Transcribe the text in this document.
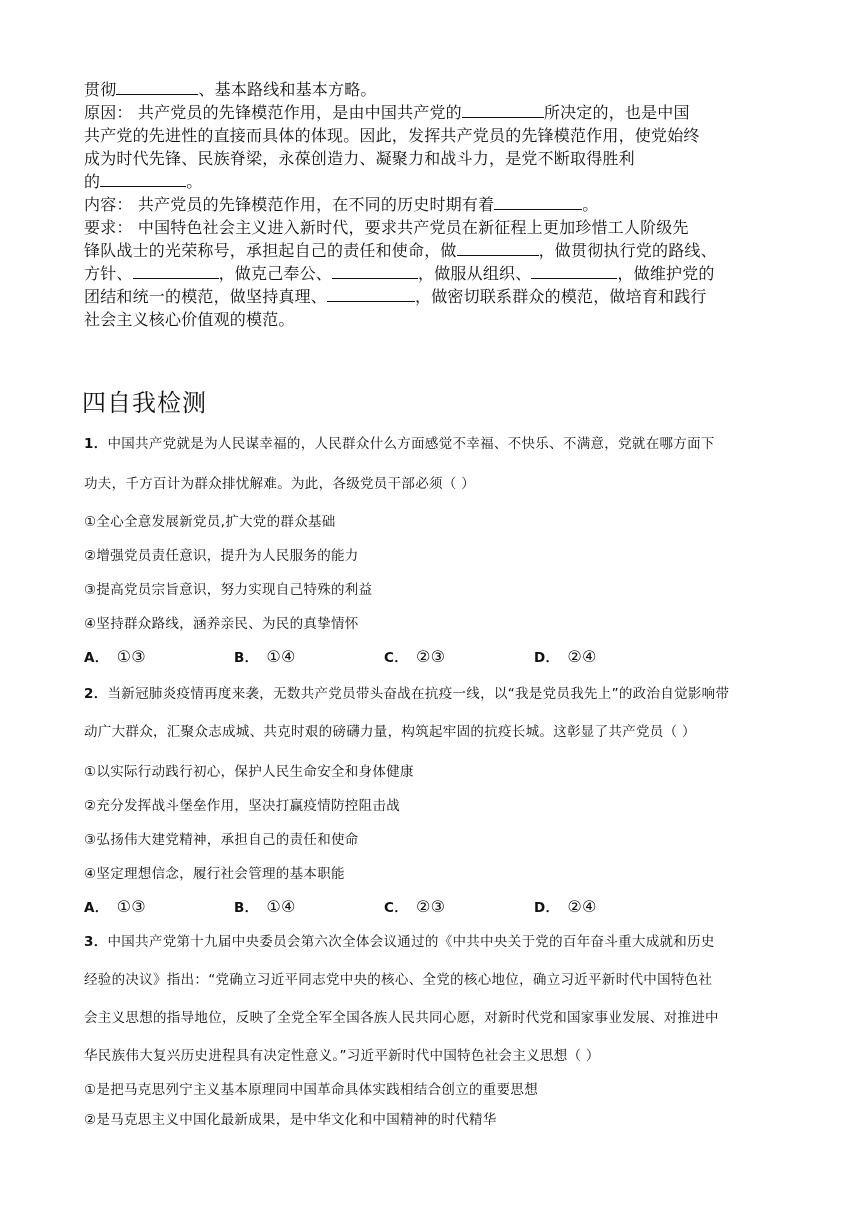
贯彻	、基本路线和基本方略。

原因： 共产党员的先锋模范作用，是由中国共产党的	所决定的，也是中国

共产党的先进性的直接而具体的体现。因此，发挥共产党员的先锋模范作用，使党始终

成为时代先锋、民族脊梁，永葆创造力、凝聚力和战斗力，是党不断取得胜利

的	。

内容： 共产党员的先锋模范作用，在不同的历史时期有着	。

要求： 中国特色社会主义进入新时代，要求共产党员在新征程上更加珍惜工人阶级先

锋队战士的光荣称号，承担起自己的责任和使命，做	，做贯彻执行党的路线、

方针、	，做克己奉公、	，做服从组织、	，做维护党的

团结和统一的模范，做坚持真理、	，做密切联系群众的模范，做培育和践行

社会主义核心价值观的模范。

四自我检测
1．中国共产党就是为人民谋幸福的，人民群众什么方面感觉不幸福、不快乐、不满意，党就在哪方面下
功夫，千方百计为群众排忧解难。为此，各级党员干部必须（ ）
①全心全意发展新党员,扩大党的群众基础
②增强党员责任意识，提升为人民服务的能力
③提高党员宗旨意识，努力实现自己特殊的利益
④坚持群众路线，涵养亲民、为民的真挚情怀
A． ①③	B． ①④	C． ②③	D． ②④
2．当新冠肺炎疫情再度来袭，无数共产党员带头奋战在抗疫一线，以“我是党员我先上”的政治自觉影响带
动广大群众，汇聚众志成城、共克时艰的磅礴力量，构筑起牢固的抗疫长城。这彰显了共产党员（ ）
①以实际行动践行初心，保护人民生命安全和身体健康
②充分发挥战斗堡垒作用，坚决打赢疫情防控阻击战
③弘扬伟大建党精神，承担自己的责任和使命
④坚定理想信念，履行社会管理的基本职能
A． ①③	B． ①④	C． ②③	D． ②④
3．中国共产党第十九届中央委员会第六次全体会议通过的《中共中央关于党的百年奋斗重大成就和历史
经验的决议》指出：“党确立习近平同志党中央的核心、全党的核心地位，确立习近平新时代中国特色社
会主义思想的指导地位，反映了全党全军全国各族人民共同心愿，对新时代党和国家事业发展、对推进中
华民族伟大复兴历史进程具有决定性意义。”习近平新时代中国特色社会主义思想（ ）
①是把马克思列宁主义基本原理同中国革命具体实践相结合创立的重要思想
②是马克思主义中国化最新成果，是中华文化和中国精神的时代精华
